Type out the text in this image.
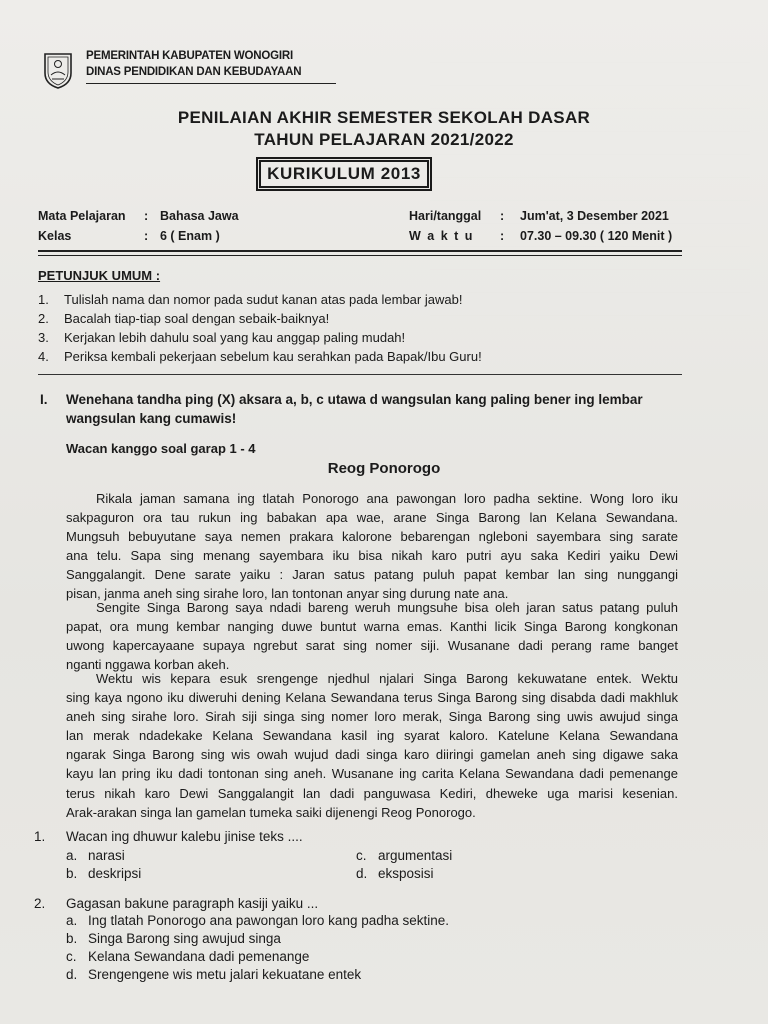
PEMERINTAH KABUPATEN WONOGIRI
DINAS PENDIDIKAN DAN KEBUDAYAAN
PENILAIAN AKHIR SEMESTER SEKOLAH DASAR
TAHUN PELAJARAN 2021/2022
KURIKULUM 2013
Mata Pelajaran : Bahasa Jawa
Kelas	: 6 ( Enam )
Hari/tanggal : Jum'at, 3 Desember 2021
W a k t u : 07.30 – 09.30 ( 120 Menit )
PETUNJUK UMUM :
1. Tulislah nama dan nomor pada sudut kanan atas pada lembar jawab!
2. Bacalah tiap-tiap soal dengan sebaik-baiknya!
3. Kerjakan lebih dahulu soal yang kau anggap paling mudah!
4. Periksa kembali pekerjaan sebelum kau serahkan pada Bapak/Ibu Guru!
I. Wenehana tandha ping (X) aksara a, b, c utawa d wangsulan kang paling bener ing lembar
wangsulan kang cumawis!
Wacan kanggo soal garap 1 - 4
Reog Ponorogo
Rikala jaman samana ing tlatah Ponorogo ana pawongan loro padha sektine. Wong loro iku
sakpaguron ora tau rukun ing babakan apa wae, arane Singa Barong lan Kelana Sewandana.
Mungsuh bebuyutane saya nemen prakara kalorone bebarengan ngleboni sayembara sing sarate
ana telu. Sapa sing menang sayembara iku bisa nikah karo putri ayu saka Kediri yaiku Dewi
Sanggalangit. Dene sarate yaiku : Jaran satus patang puluh papat kembar lan sing nunggangi
pisan, janma aneh sing sirahe loro, lan tontonan anyar sing durung nate ana.
Sengite Singa Barong saya ndadi bareng weruh mungsuhe bisa oleh jaran satus patang puluh
papat, ora mung kembar nanging duwe buntut warna emas. Kanthi licik Singa Barong kongkonan
uwong kapercayaane supaya ngrebut sarat sing nomer siji. Wusanane dadi perang rame banget
nganti nggawa korban akeh.
Wektu wis kepara esuk srengenge njedhul njalari Singa Barong kekuwatane entek. Wektu
sing kaya ngono iku diweruhi dening Kelana Sewandana terus Singa Barong sing disabda dadi makhluk
aneh sing sirahe loro. Sirah siji singa sing nomer loro merak, Singa Barong sing uwis awujud singa
lan merak ndadekake Kelana Sewandana kasil ing syarat kaloro. Katelune Kelana Sewandana
ngarak Singa Barong sing wis owah wujud dadi singa karo diiringi gamelan aneh sing digawe saka
kayu lan pring iku dadi tontonan sing aneh. Wusanane ing carita Kelana Sewandana dadi pemenange
terus nikah karo Dewi Sanggalangit lan dadi panguwasa Kediri, dheweke uga marisi kesenian.
Arak-arakan singa lan gamelan tumeka saiki dijenengi Reog Ponorogo.
1. Wacan ing dhuwur kalebu jinise teks ....
a. narasi
b. deskripsi
c. argumentasi
d. eksposisi
2. Gagasan bakune paragraph kasiji yaiku ...
a. Ing tlatah Ponorogo ana pawongan loro kang padha sektine.
b. Singa Barong sing awujud singa
c. Kelana Sewandana dadi pemenange
d. Srengengene wis metu jalari kekuatane entek
